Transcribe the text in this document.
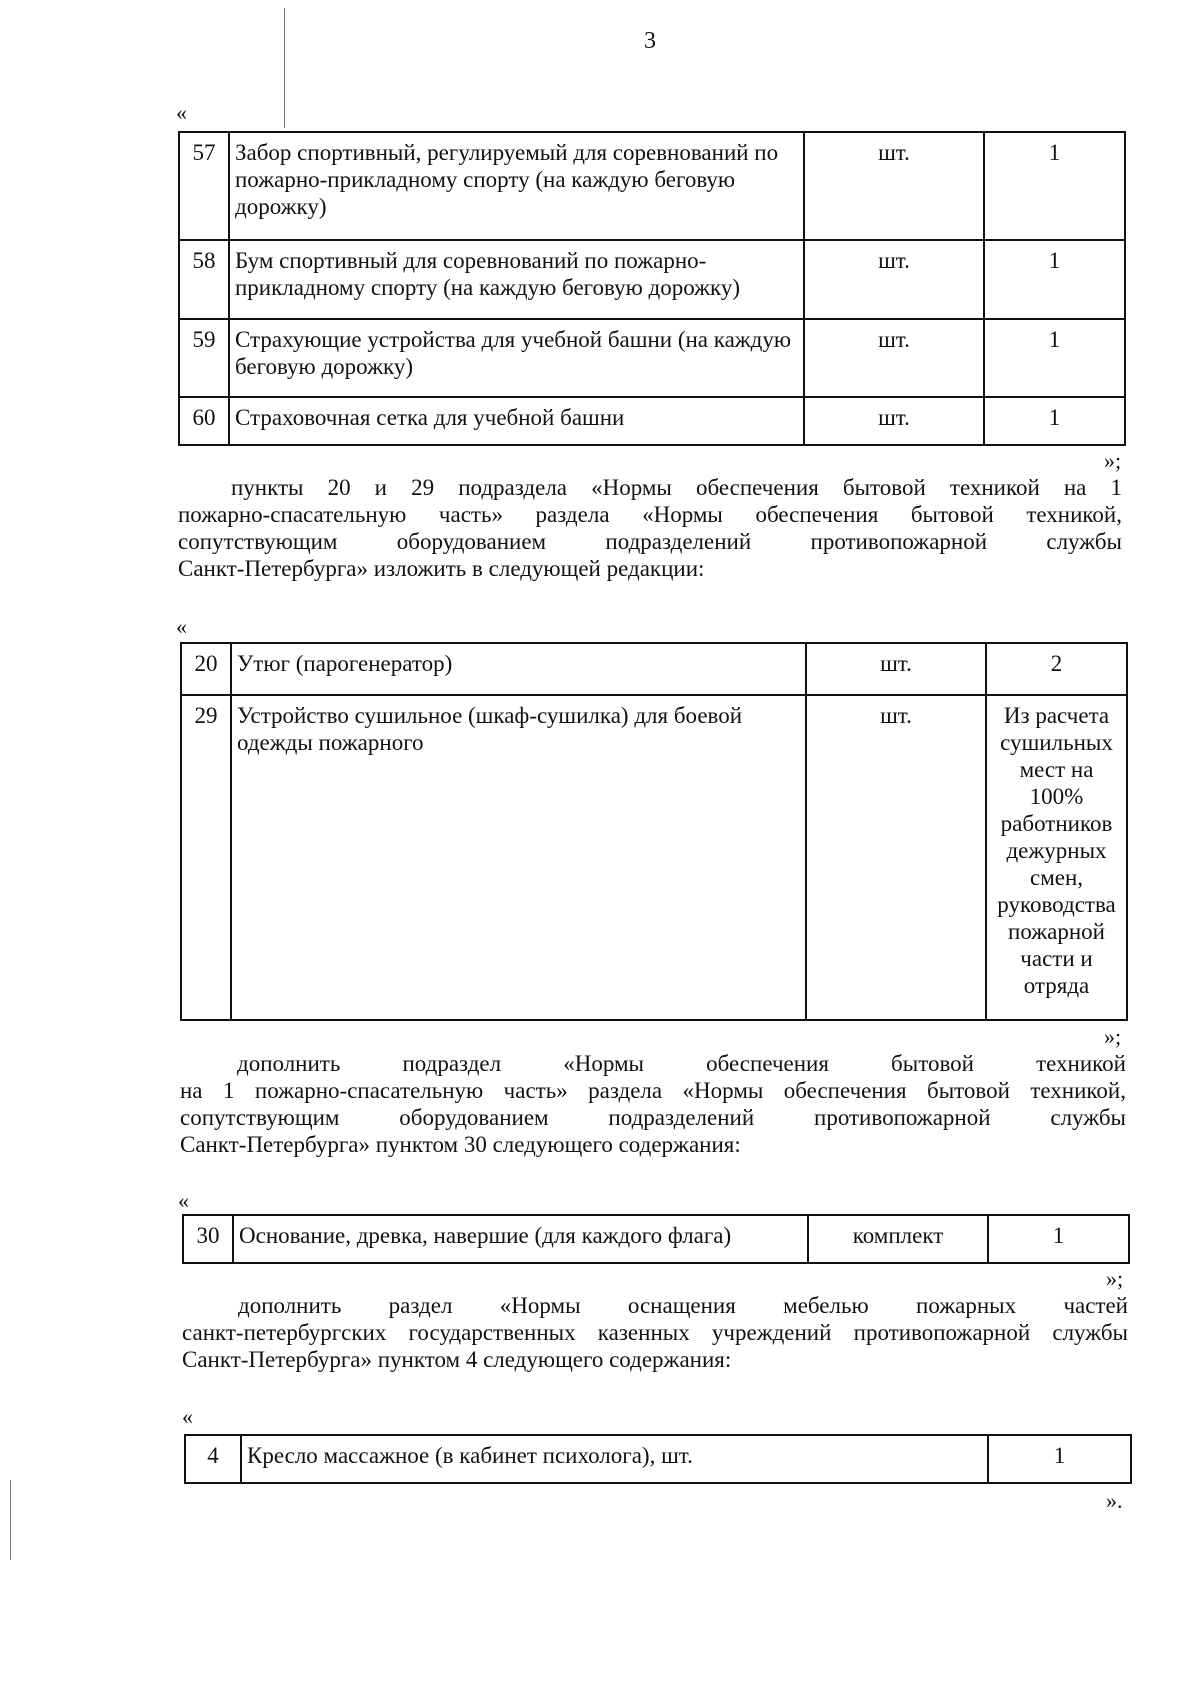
3
«
57	Забор спортивный, регулируемый для соревнований по пожарно-прикладному спорту (на каждую беговую дорожку)	шт.	1
58	Бум спортивный для соревнований по пожарно-прикладному спорту (на каждую беговую дорожку)	шт.	1
59	Страхующие устройства для учебной башни (на каждую беговую дорожку)	шт.	1
60	Страховочная сетка для учебной башни	шт.	1
»;
пункты 20 и 29 подраздела «Нормы обеспечения бытовой техникой на 1
пожарно-спасательную часть» раздела «Нормы обеспечения бытовой техникой,
сопутствующим оборудованием подразделений противопожарной службы
Санкт-Петербурга» изложить в следующей редакции:
«
20	Утюг (парогенератор)	шт.	2
29	Устройство сушильное (шкаф-сушилка) для боевой одежды пожарного	шт.	Из расчета сушильных мест на 100% работников дежурных смен, руководства пожарной части и отряда
»;
дополнить подраздел «Нормы обеспечения бытовой техникой
на 1 пожарно-спасательную часть» раздела «Нормы обеспечения бытовой техникой,
сопутствующим оборудованием подразделений противопожарной службы
Санкт-Петербурга» пунктом 30 следующего содержания:
«
30	Основание, древка, навершие (для каждого флага)	комплект	1
»;
дополнить раздел «Нормы оснащения мебелью пожарных частей
санкт-петербургских государственных казенных учреждений противопожарной службы
Санкт-Петербурга» пунктом 4 следующего содержания:
«
4	Кресло массажное (в кабинет психолога), шт.	1
».
